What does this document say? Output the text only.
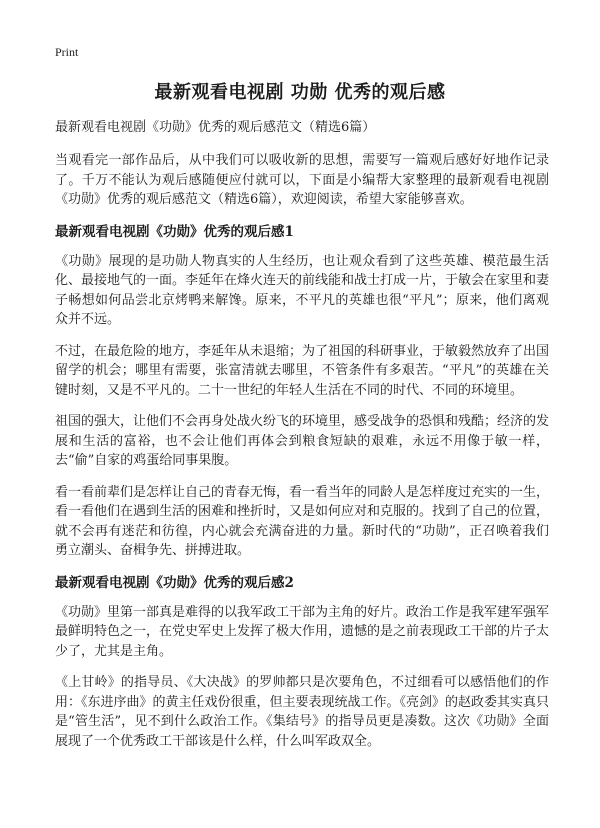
Print
最新观看电视剧 功勋 优秀的观后感

最新观看电视剧《功勋》优秀的观后感范文（精选6篇）

当观看完一部作品后，从中我们可以吸收新的思想，需要写一篇观后感好好地作记录了。千万不能认为观后感随便应付就可以，下面是小编帮大家整理的最新观看电视剧《功勋》优秀的观后感范文（精选6篇），欢迎阅读，希望大家能够喜欢。

最新观看电视剧《功勋》优秀的观后感1

《功勋》展现的是功勋人物真实的人生经历，也让观众看到了这些英雄、模范最生活化、最接地气的一面。李延年在烽火连天的前线能和战士打成一片，于敏会在家里和妻子畅想如何品尝北京烤鸭来解馋。原来，不平凡的英雄也很“平凡”；原来，他们离观众并不远。

不过，在最危险的地方，李延年从未退缩；为了祖国的科研事业，于敏毅然放弃了出国留学的机会；哪里有需要，张富清就去哪里，不管条件有多艰苦。“平凡”的英雄在关键时刻，又是不平凡的。二十一世纪的年轻人生活在不同的时代、不同的环境里。

祖国的强大，让他们不会再身处战火纷飞的环境里，感受战争的恐惧和残酷；经济的发展和生活的富裕，也不会让他们再体会到粮食短缺的艰难，永远不用像于敏一样，去“偷”自家的鸡蛋给同事果腹。

看一看前辈们是怎样让自己的青春无悔，看一看当年的同龄人是怎样度过充实的一生，看一看他们在遇到生活的困难和挫折时，又是如何应对和克服的。找到了自己的位置，就不会再有迷茫和彷徨，内心就会充满奋进的力量。新时代的“功勋”，正召唤着我们勇立潮头、奋楫争先、拼搏进取。

最新观看电视剧《功勋》优秀的观后感2

《功勋》里第一部真是难得的以我军政工干部为主角的好片。政治工作是我军建军强军最鲜明特色之一，在党史军史上发挥了极大作用，遗憾的是之前表现政工干部的片子太少了，尤其是主角。

《上甘岭》的指导员、《大决战》的罗帅都只是次要角色，不过细看可以感悟他们的作用：《东进序曲》的黄主任戏份很重，但主要表现统战工作。《亮剑》的赵政委其实真只是“管生活”，见不到什么政治工作。《集结号》的指导员更是凑数。这次《功勋》全面展现了一个优秀政工干部该是什么样，什么叫军政双全。
